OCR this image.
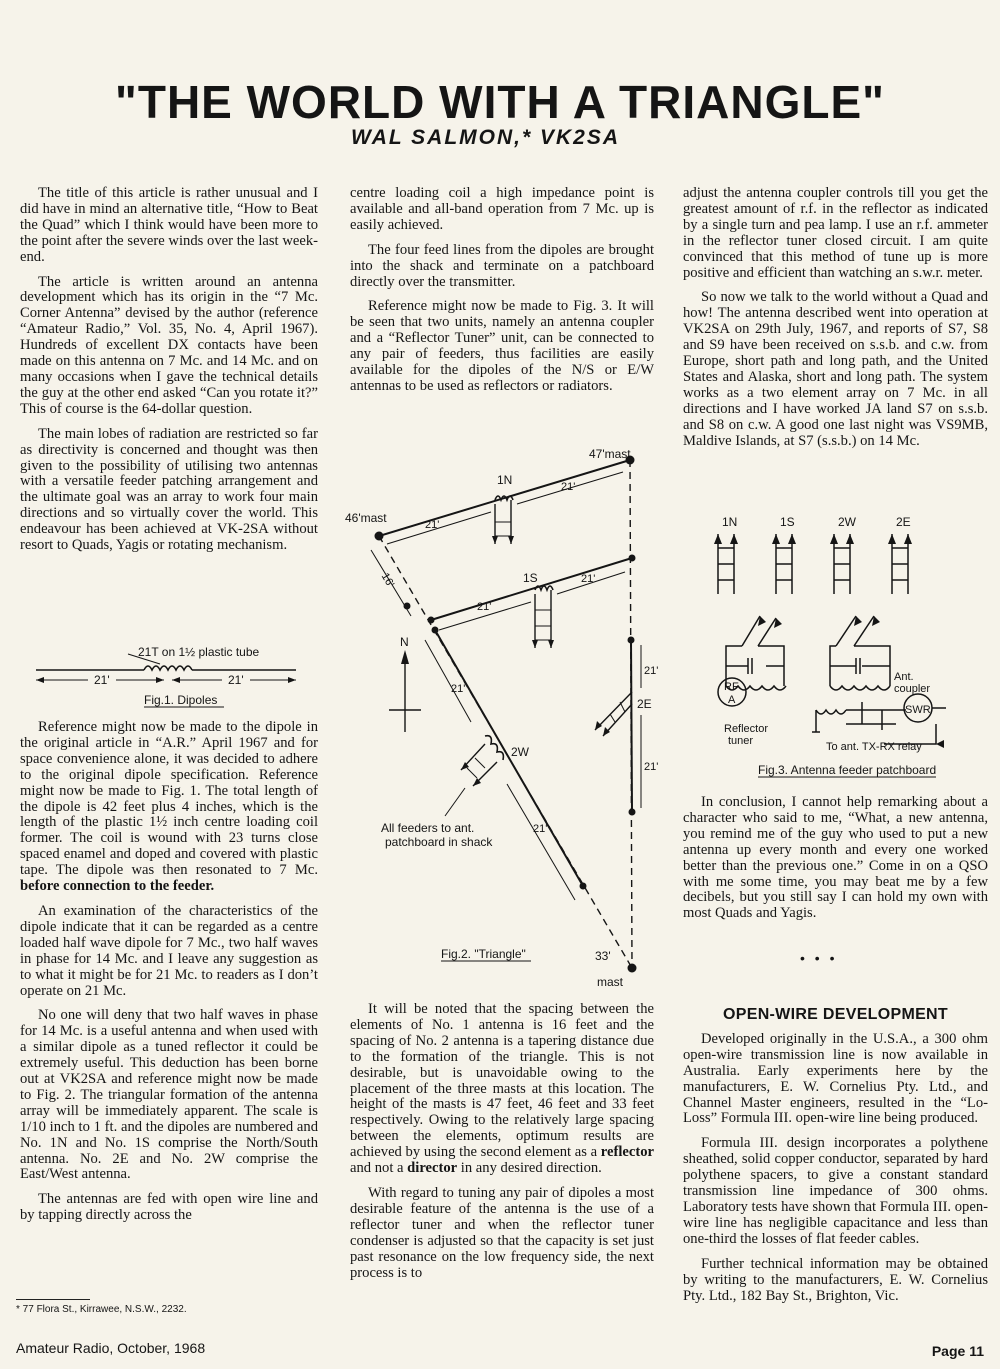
"THE WORLD WITH A TRIANGLE"
WAL SALMON,* VK2SA

The title of this article is rather unusual and I did have in mind an alternative title, “How to Beat the Quad” which I think would have been more to the point after the severe winds over the last week-end.

The article is written around an antenna development which has its origin in the “7 Mc. Corner Antenna” devised by the author (reference “Amateur Radio,” Vol. 35, No. 4, April 1967). Hundreds of excellent DX contacts have been made on this antenna on 7 Mc. and 14 Mc. and on many occasions when I gave the technical details the guy at the other end asked “Can you rotate it?” This of course is the 64-dollar question.

The main lobes of radiation are restricted so far as directivity is concerned and thought was then given to the possibility of utilising two antennas with a versatile feeder patching arrangement and the ultimate goal was an array to work four main directions and so virtually cover the world. This endeavour has been achieved at VK-2SA without resort to Quads, Yagis or rotating mechanism.

21T on 1½ plastic tube
21'	21'
Fig.1. Dipoles

Reference might now be made to the dipole in the original article in “A.R.” April 1967 and for space convenience alone, it was decided to adhere to the original dipole specification. Reference might now be made to Fig. 1. The total length of the dipole is 42 feet plus 4 inches, which is the length of the plastic 1½ inch centre loading coil former. The coil is wound with 23 turns close spaced enamel and doped and covered with plastic tape. The dipole was then resonated to 7 Mc. before connection to the feeder.

An examination of the characteristics of the dipole indicate that it can be regarded as a centre loaded half wave dipole for 7 Mc., two half waves in phase for 14 Mc. and I leave any suggestion as to what it might be for 21 Mc. to readers as I don’t operate on 21 Mc.

No one will deny that two half waves in phase for 14 Mc. is a useful antenna and when used with a similar dipole as a tuned reflector it could be extremely useful. This deduction has been borne out at VK2SA and reference might now be made to Fig. 2. The triangular formation of the antenna array will be immediately apparent. The scale is 1/10 inch to 1 ft. and the dipoles are numbered and No. 1N and No. 1S comprise the North/South antenna. No. 2E and No. 2W comprise the East/West antenna.

The antennas are fed with open wire line and by tapping directly across the

centre loading coil a high impedance point is available and all-band operation from 7 Mc. up is easily achieved.

The four feed lines from the dipoles are brought into the shack and terminate on a patchboard directly over the transmitter.

Reference might now be made to Fig. 3. It will be seen that two units, namely an antenna coupler and a “Reflector Tuner” unit, can be connected to any pair of feeders, thus facilities are easily available for the dipoles of the N/S or E/W antennas to be used as reflectors or radiators.

47'mast
46'mast
1N
1S
2E
2W
N
16'
21'
21'
21'
21'
21'
21'
21'
21'
All feeders to ant.
patchboard in shack
Fig.2. "Triangle"	33'
mast

It will be noted that the spacing between the elements of No. 1 antenna is 16 feet and the spacing of No. 2 antenna is a tapering distance due to the formation of the triangle. This is not desirable, but is unavoidable owing to the placement of the three masts at this location. The height of the masts is 47 feet, 46 feet and 33 feet respectively. Owing to the relatively large spacing between the elements, optimum results are achieved by using the second element as a reflector and not a director in any desired direction.

With regard to tuning any pair of dipoles a most desirable feature of the antenna is the use of a reflector tuner and when the reflector tuner condenser is adjusted so that the capacity is set just past resonance on the low frequency side, the next process is to

adjust the antenna coupler controls till you get the greatest amount of r.f. in the reflector as indicated by a single turn and pea lamp. I use an r.f. ammeter in the reflector tuner closed circuit. I am quite convinced that this method of tune up is more positive and efficient than watching an s.w.r. meter.

So now we talk to the world without a Quad and how! The antenna described went into operation at VK2SA on 29th July, 1967, and reports of S7, S8 and S9 have been received on s.s.b. and c.w. from Europe, short path and long path, and the United States and Alaska, short and long path. The system works as a two element array on 7 Mc. in all directions and I have worked JA land S7 on s.s.b. and S8 on c.w. A good one last night was VS9MB, Maldive Islands, at S7 (s.s.b.) on 14 Mc.

1N	1S	2W	2E
RF
A
SWR
Reflector
tuner
Ant.
coupler
To ant. TX-RX relay
Fig.3. Antenna feeder patchboard

In conclusion, I cannot help remarking about a character who said to me, “What, a new antenna, you remind me of the guy who used to put a new antenna up every month and every one worked better than the previous one.” Come in on a QSO with me some time, you may beat me by a few decibels, but you still say I can hold my own with most Quads and Yagis.

• • •

OPEN-WIRE DEVELOPMENT

Developed originally in the U.S.A., a 300 ohm open-wire transmission line is now available in Australia. Early experiments here by the manufacturers, E. W. Cornelius Pty. Ltd., and Channel Master engineers, resulted in the “Lo-Loss” Formula III. open-wire line being produced.

Formula III. design incorporates a polythene sheathed, solid copper conductor, separated by hard polythene spacers, to give a constant standard transmission line impedance of 300 ohms. Laboratory tests have shown that Formula III. open-wire line has negligible capacitance and less than one-third the losses of flat feeder cables.

Further technical information may be obtained by writing to the manufacturers, E. W. Cornelius Pty. Ltd., 182 Bay St., Brighton, Vic.

* 77 Flora St., Kirrawee, N.S.W., 2232.
Amateur Radio, October, 1968	Page 11
